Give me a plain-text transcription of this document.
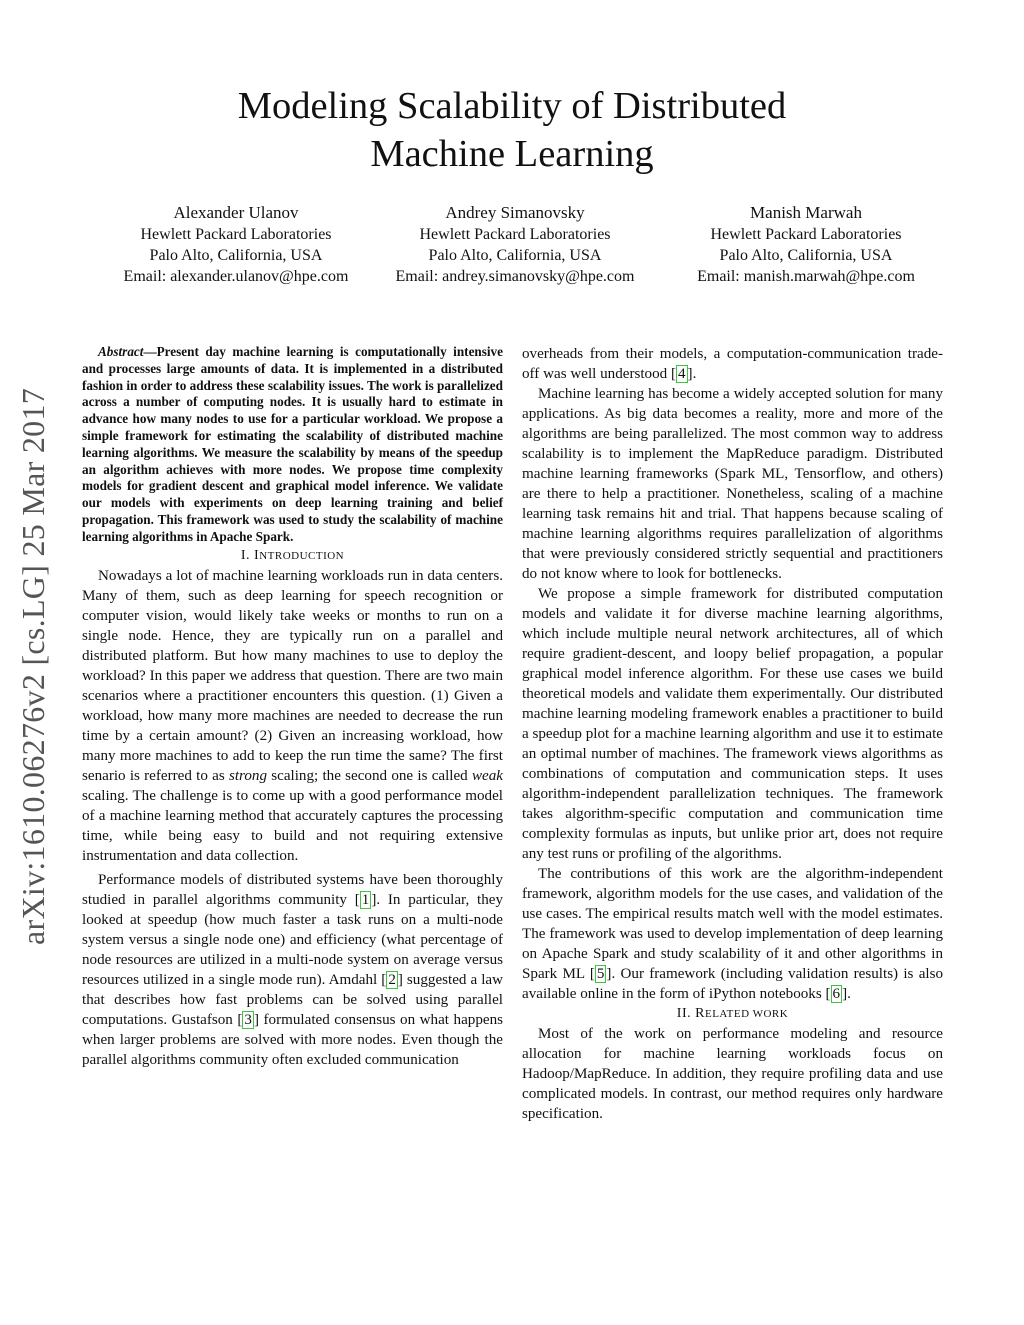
Modeling Scalability of Distributed
Machine Learning
Alexander Ulanov
Hewlett Packard Laboratories
Palo Alto, California, USA
Email: alexander.ulanov@hpe.com
Andrey Simanovsky
Hewlett Packard Laboratories
Palo Alto, California, USA
Email: andrey.simanovsky@hpe.com
Manish Marwah
Hewlett Packard Laboratories
Palo Alto, California, USA
Email: manish.marwah@hpe.com
arXiv:1610.06276v2 [cs.LG] 25 Mar 2017

Abstract—Present day machine learning is computationally intensive and processes large amounts of data. It is implemented in a distributed fashion in order to address these scalability issues. The work is parallelized across a number of computing nodes. It is usually hard to estimate in advance how many nodes to use for a particular workload. We propose a simple framework for estimating the scalability of distributed machine learning algorithms. We measure the scalability by means of the speedup an algorithm achieves with more nodes. We propose time complexity models for gradient descent and graphical model inference. We validate our models with experiments on deep learning training and belief propagation. This framework was used to study the scalability of machine learning algorithms in Apache Spark.

I. INTRODUCTION

Nowadays a lot of machine learning workloads run in data centers. Many of them, such as deep learning for speech recognition or computer vision, would likely take weeks or months to run on a single node. Hence, they are typically run on a parallel and distributed platform. But how many machines to use to deploy the workload? In this paper we address that question. There are two main scenarios where a practitioner encounters this question. (1) Given a workload, how many more machines are needed to decrease the run time by a certain amount? (2) Given an increasing workload, how many more machines to add to keep the run time the same? The first senario is referred to as strong scaling; the second one is called weak scaling. The challenge is to come up with a good performance model of a machine learning method that accurately captures the processing time, while being easy to build and not requiring extensive instrumentation and data collection.

Performance models of distributed systems have been thoroughly studied in parallel algorithms community [ 1 ]. In particular, they looked at speedup (how much faster a task runs on a multi-node system versus a single node one) and efficiency (what percentage of node resources are utilized in a multi-node system on average versus resources utilized in a single mode run). Amdahl [ 2 ] suggested a law that describes how fast problems can be solved using parallel computations. Gustafson [ 3 ] formulated consensus on what happens when larger problems are solved with more nodes. Even though the parallel algorithms community often excluded communication

overheads from their models, a computation-communication trade-off was well understood [ 4 ].

Machine learning has become a widely accepted solution for many applications. As big data becomes a reality, more and more of the algorithms are being parallelized. The most common way to address scalability is to implement the MapReduce paradigm. Distributed machine learning frameworks (Spark ML, Tensorflow, and others) are there to help a practitioner. Nonetheless, scaling of a machine learning task remains hit and trial. That happens because scaling of machine learning algorithms requires parallelization of algorithms that were previously considered strictly sequential and practitioners do not know where to look for bottlenecks.

We propose a simple framework for distributed computation models and validate it for diverse machine learning algorithms, which include multiple neural network architectures, all of which require gradient-descent, and loopy belief propagation, a popular graphical model inference algorithm. For these use cases we build theoretical models and validate them experimentally. Our distributed machine learning modeling framework enables a practitioner to build a speedup plot for a machine learning algorithm and use it to estimate an optimal number of machines. The framework views algorithms as combinations of computation and communication steps. It uses algorithm-independent parallelization techniques. The framework takes algorithm-specific computation and communication time complexity formulas as inputs, but unlike prior art, does not require any test runs or profiling of the algorithms.

The contributions of this work are the algorithm-independent framework, algorithm models for the use cases, and validation of the use cases. The empirical results match well with the model estimates. The framework was used to develop implementation of deep learning on Apache Spark and study scalability of it and other algorithms in Spark ML [ 5 ]. Our framework (including validation results) is also available online in the form of iPython notebooks [ 6 ].

II. RELATED WORK

Most of the work on performance modeling and resource allocation for machine learning workloads focus on Hadoop/MapReduce. In addition, they require profiling data and use complicated models. In contrast, our method requires only hardware specification.
